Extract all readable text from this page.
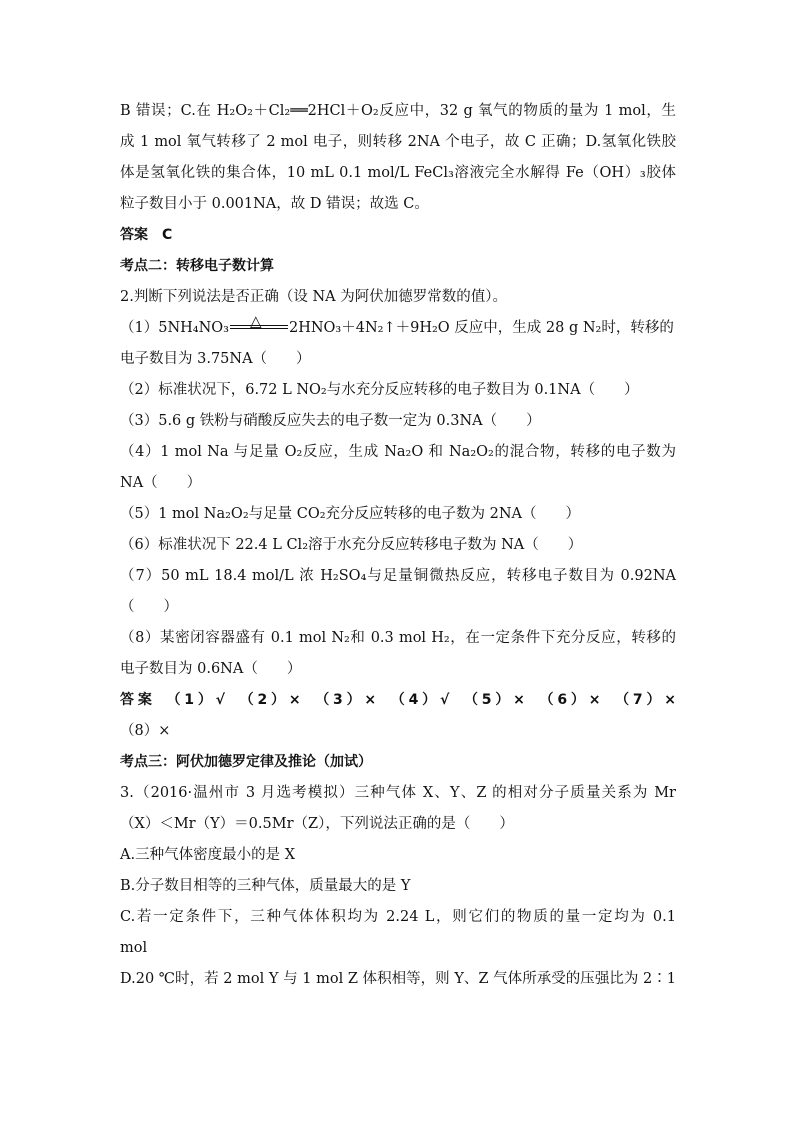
B 错误；C.在 H₂O₂＋Cl₂══2HCl＋O₂反应中，32 g 氧气的物质的量为 1 mol，生
成 1 mol 氧气转移了 2 mol 电子，则转移 2NA 个电子，故 C 正确；D.氢氧化铁胶
体是氢氧化铁的集合体，10 mL 0.1 mol/L FeCl₃溶液完全水解得 Fe（OH）₃胶体
粒子数目小于 0.001NA，故 D 错误；故选 C。
答案　C
考点二：转移电子数计算
2.判断下列说法是否正确（设 NA 为阿伏加德罗常数的值）。
（1）5NH₄NO₃ △ 2HNO₃＋4N₂↑＋9H₂O 反应中，生成 28 g N₂时，转移的
电子数目为 3.75NA（　　）
（2）标准状况下，6.72 L NO₂与水充分反应转移的电子数目为 0.1NA（　　）
（3）5.6 g 铁粉与硝酸反应失去的电子数一定为 0.3NA（　　）
（4）1 mol Na 与足量 O₂反应，生成 Na₂O 和 Na₂O₂的混合物，转移的电子数为
NA（　　）
（5）1 mol Na₂O₂与足量 CO₂充分反应转移的电子数为 2NA（　　）
（6）标准状况下 22.4 L Cl₂溶于水充分反应转移电子数为 NA（　　）
（7）50 mL 18.4 mol/L 浓 H₂SO₄与足量铜微热反应，转移电子数目为 0.92NA
（　　）
（8）某密闭容器盛有 0.1 mol N₂和 0.3 mol H₂，在一定条件下充分反应，转移的
电子数目为 0.6NA（　　）
答案　（1）√　（2）×　（3）×　（4）√　（5）×　（6）×　（7）×
（8）×
考点三：阿伏加德罗定律及推论（加试）
3.（2016·温州市 3 月选考模拟）三种气体 X、Y、Z 的相对分子质量关系为 Mr
（X）＜Mr（Y）＝0.5Mr（Z），下列说法正确的是（　　）
A.三种气体密度最小的是 X
B.分子数目相等的三种气体，质量最大的是 Y
C.若一定条件下，三种气体体积均为 2.24 L，则它们的物质的量一定均为 0.1
mol
D.20 ℃时，若 2 mol Y 与 1 mol Z 体积相等，则 Y、Z 气体所承受的压强比为 2∶1
